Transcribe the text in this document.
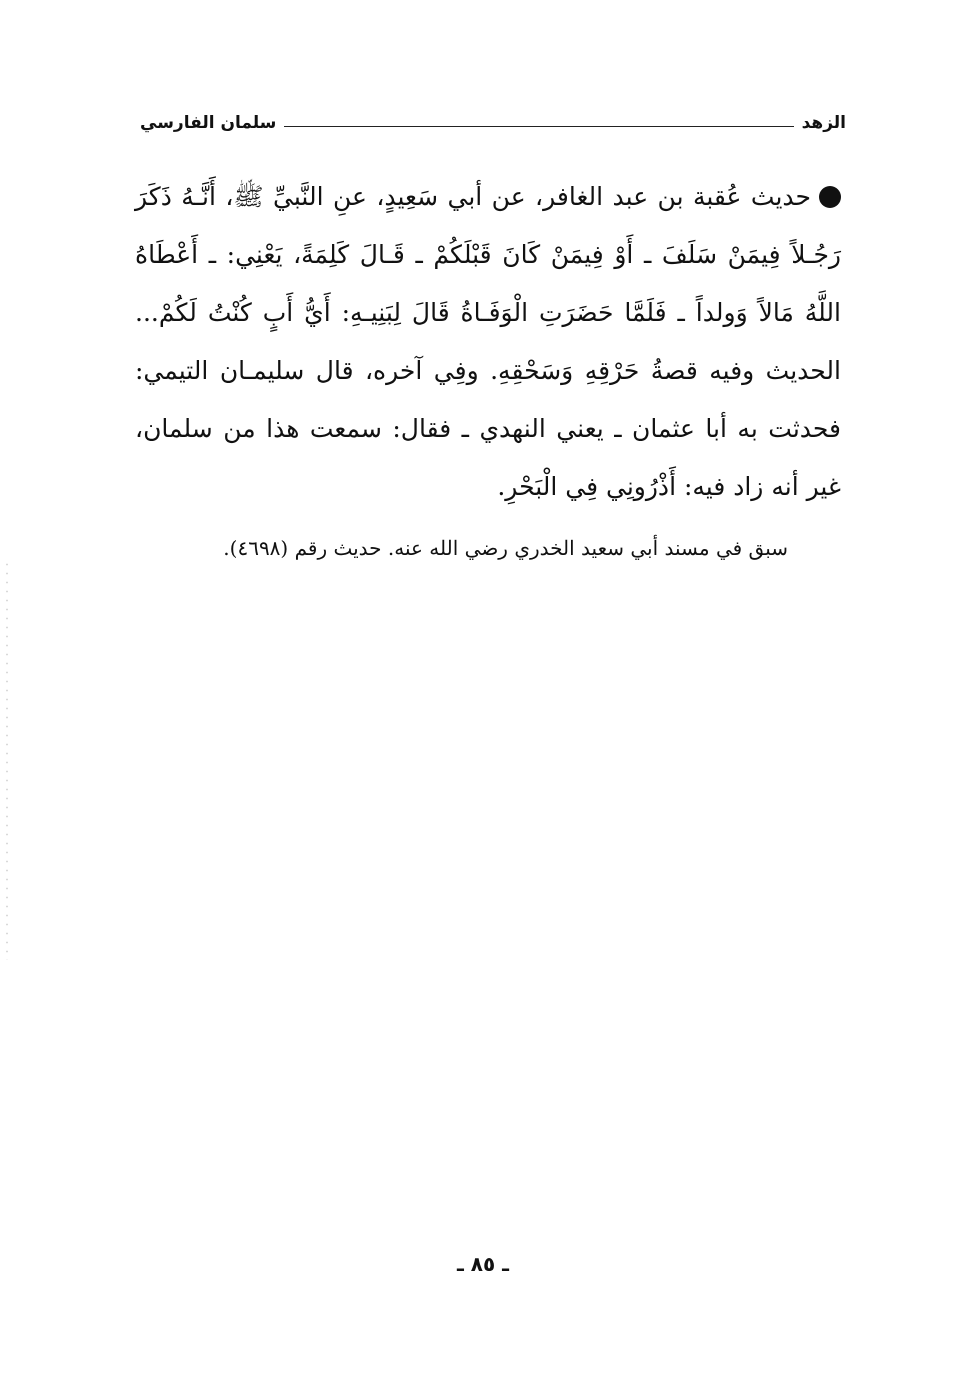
الزهد
سلمان الفارسي
حديث عُقبة بن عبد الغافر، عن أبي سَعِيدٍ، عنِ النَّبيِّ ﷺ، أَنَّـهُ ذَكَرَ رَجُـلاً فِيمَنْ سَلَفَ ـ أَوْ فِيمَنْ كَانَ قَبْلَكُمْ ـ قَـالَ كَلِمَةً، يَعْنِي: ـ أَعْطَاهُ اللَّهُ مَالاً وَولداً ـ فَلَمَّا حَضَرَتِ الْوَفَـاةُ قَالَ لِبَنِيـهِ: أَيُّ أَبٍ كُنْتُ لَكُمْ... الحديث وفيه قصةُ حَرْقِهِ وَسَحْقِهِ. وفِي آخره، قال سليمـان التيمي: فحدثت به أبا عثمان ـ يعني النهدي ـ فقال: سمعت هذا من سلمان، غير أنه زاد فيه: أَذْرُونِي فِي الْبَحْرِ.
سبق في مسند أبي سعيد الخدري رضي الله عنه. حديث رقم (٤٦٩٨).
ـ ٨٥ ـ
